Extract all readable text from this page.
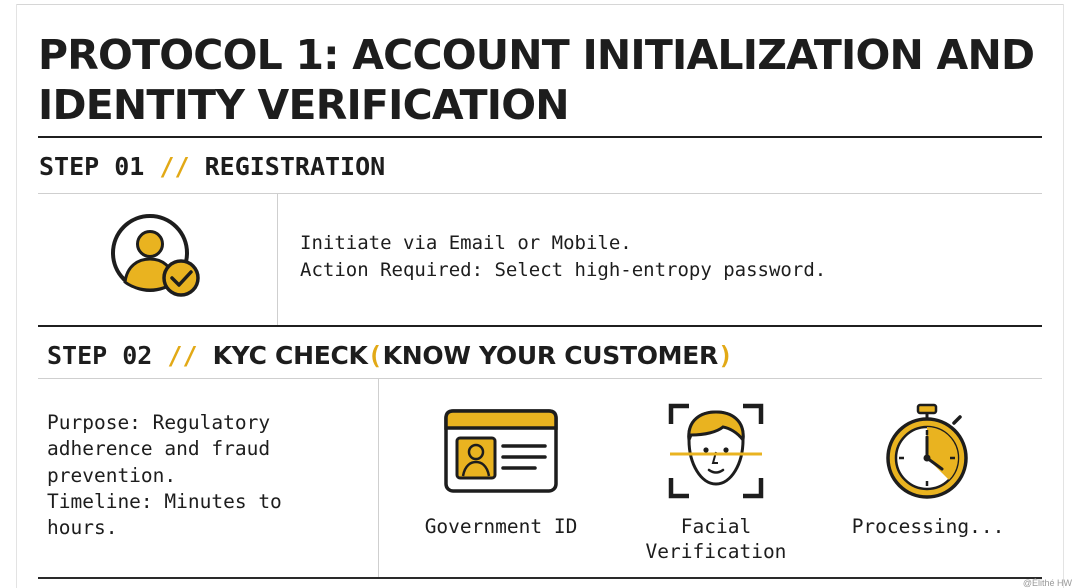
PROTOCOL 1: ACCOUNT INITIALIZATION AND
IDENTITY VERIFICATION
STEP 01 // REGISTRATION
Initiate via Email or Mobile.
Action Required: Select high-entropy password.
STEP 02 // KYC CHECK(KNOW YOUR CUSTOMER)
Purpose: Regulatory
adherence and fraud
prevention.
Timeline: Minutes to
hours.	Government ID	Facial
Verification
Processing...
@Élithé HW
